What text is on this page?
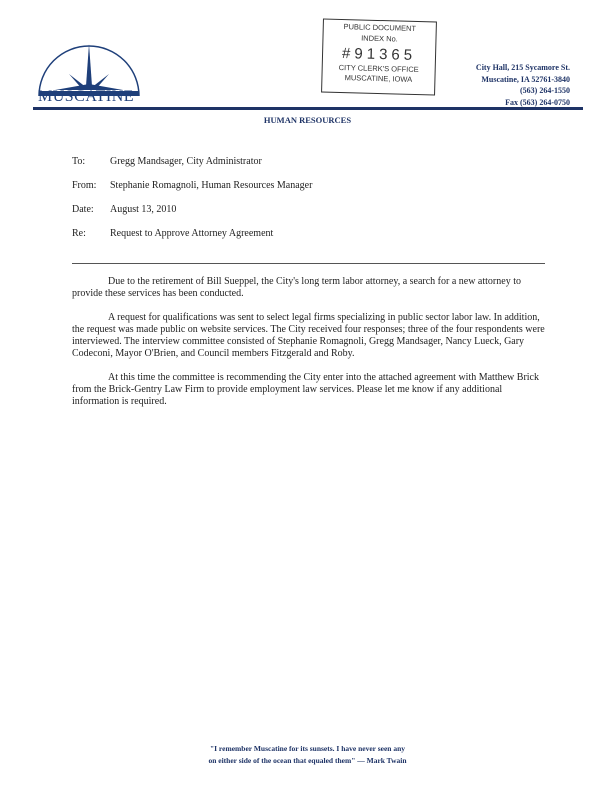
MUSCATINE
HUMAN RESOURCES
City Hall, 215 Sycamore St.
Muscatine, IA 52761-3840
(563) 264-1550
Fax (563) 264-0750
PUBLIC DOCUMENT
INDEX No.
#91365
CITY CLERK'S OFFICE
MUSCATINE, IOWA
To: Gregg Mandsager, City Administrator
From: Stephanie Romagnoli, Human Resources Manager
Date: August 13, 2010
Re: Request to Approve Attorney Agreement

Due to the retirement of Bill Sueppel, the City's long term labor attorney, a search for a new attorney to provide these services has been conducted.

A request for qualifications was sent to select legal firms specializing in public sector labor law. In addition, the request was made public on website services. The City received four responses; three of the four respondents were interviewed. The interview committee consisted of Stephanie Romagnoli, Gregg Mandsager, Nancy Lueck, Gary Codeconi, Mayor O'Brien, and Council members Fitzgerald and Roby.

At this time the committee is recommending the City enter into the attached agreement with Matthew Brick from the Brick-Gentry Law Firm to provide employment law services. Please let me know if any additional information is required.

"I remember Muscatine for its sunsets. I have never seen any
on either side of the ocean that equaled them" — Mark Twain
